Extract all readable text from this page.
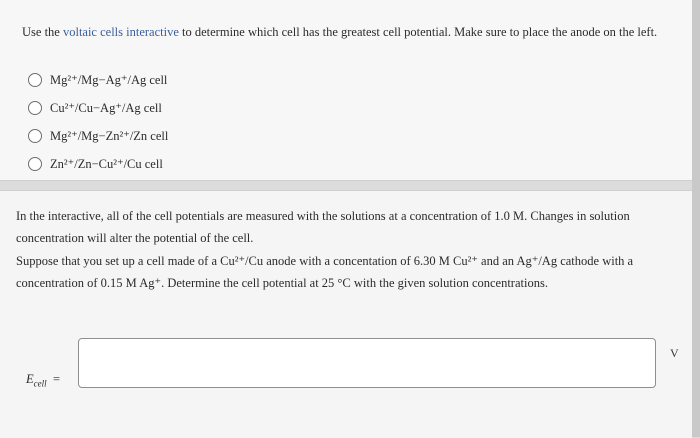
Use the voltaic cells interactive to determine which cell has the greatest cell potential. Make sure to place the anode on the left.
Mg²⁺/Mg−Ag⁺/Ag cell
Cu²⁺/Cu−Ag⁺/Ag cell
Mg²⁺/Mg−Zn²⁺/Zn cell
Zn²⁺/Zn−Cu²⁺/Cu cell
In the interactive, all of the cell potentials are measured with the solutions at a concentration of 1.0 M. Changes in solution concentration will alter the potential of the cell.
Suppose that you set up a cell made of a Cu²⁺/Cu anode with a concentation of 6.30 M Cu²⁺ and an Ag⁺/Ag cathode with a concentration of 0.15 M Ag⁺. Determine the cell potential at 25 °C with the given solution concentrations.
$E_{cell}$ =
V
